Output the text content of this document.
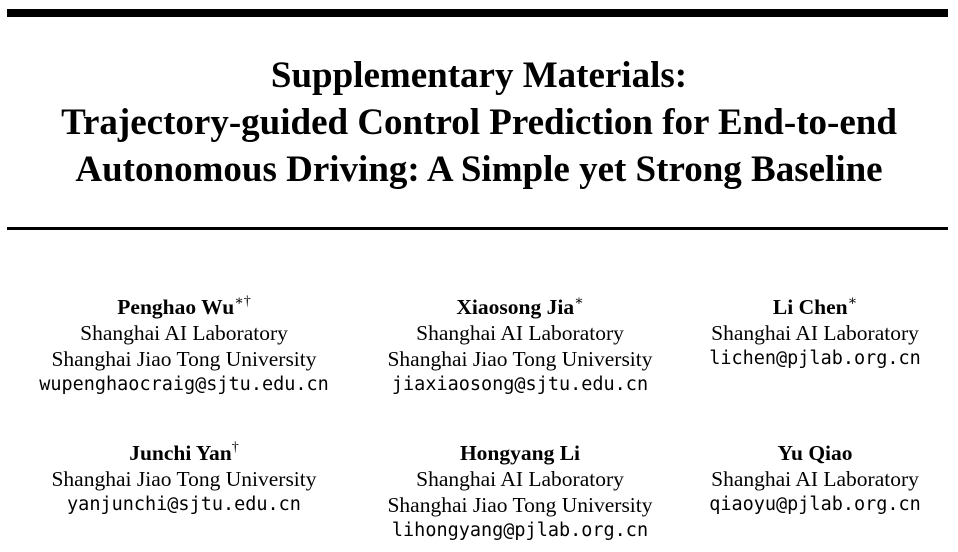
Supplementary Materials:
Trajectory-guided Control Prediction for End-to-end
Autonomous Driving: A Simple yet Strong Baseline
Penghao Wu∗†
Shanghai AI Laboratory
Shanghai Jiao Tong University
wupenghaocraig@sjtu.edu.cn
Xiaosong Jia∗
Shanghai AI Laboratory
Shanghai Jiao Tong University
jiaxiaosong@sjtu.edu.cn
Li Chen∗
Shanghai AI Laboratory
lichen@pjlab.org.cn
Junchi Yan†
Shanghai Jiao Tong University
yanjunchi@sjtu.edu.cn
Hongyang Li
Shanghai AI Laboratory
Shanghai Jiao Tong University
lihongyang@pjlab.org.cn
Yu Qiao
Shanghai AI Laboratory
qiaoyu@pjlab.org.cn
